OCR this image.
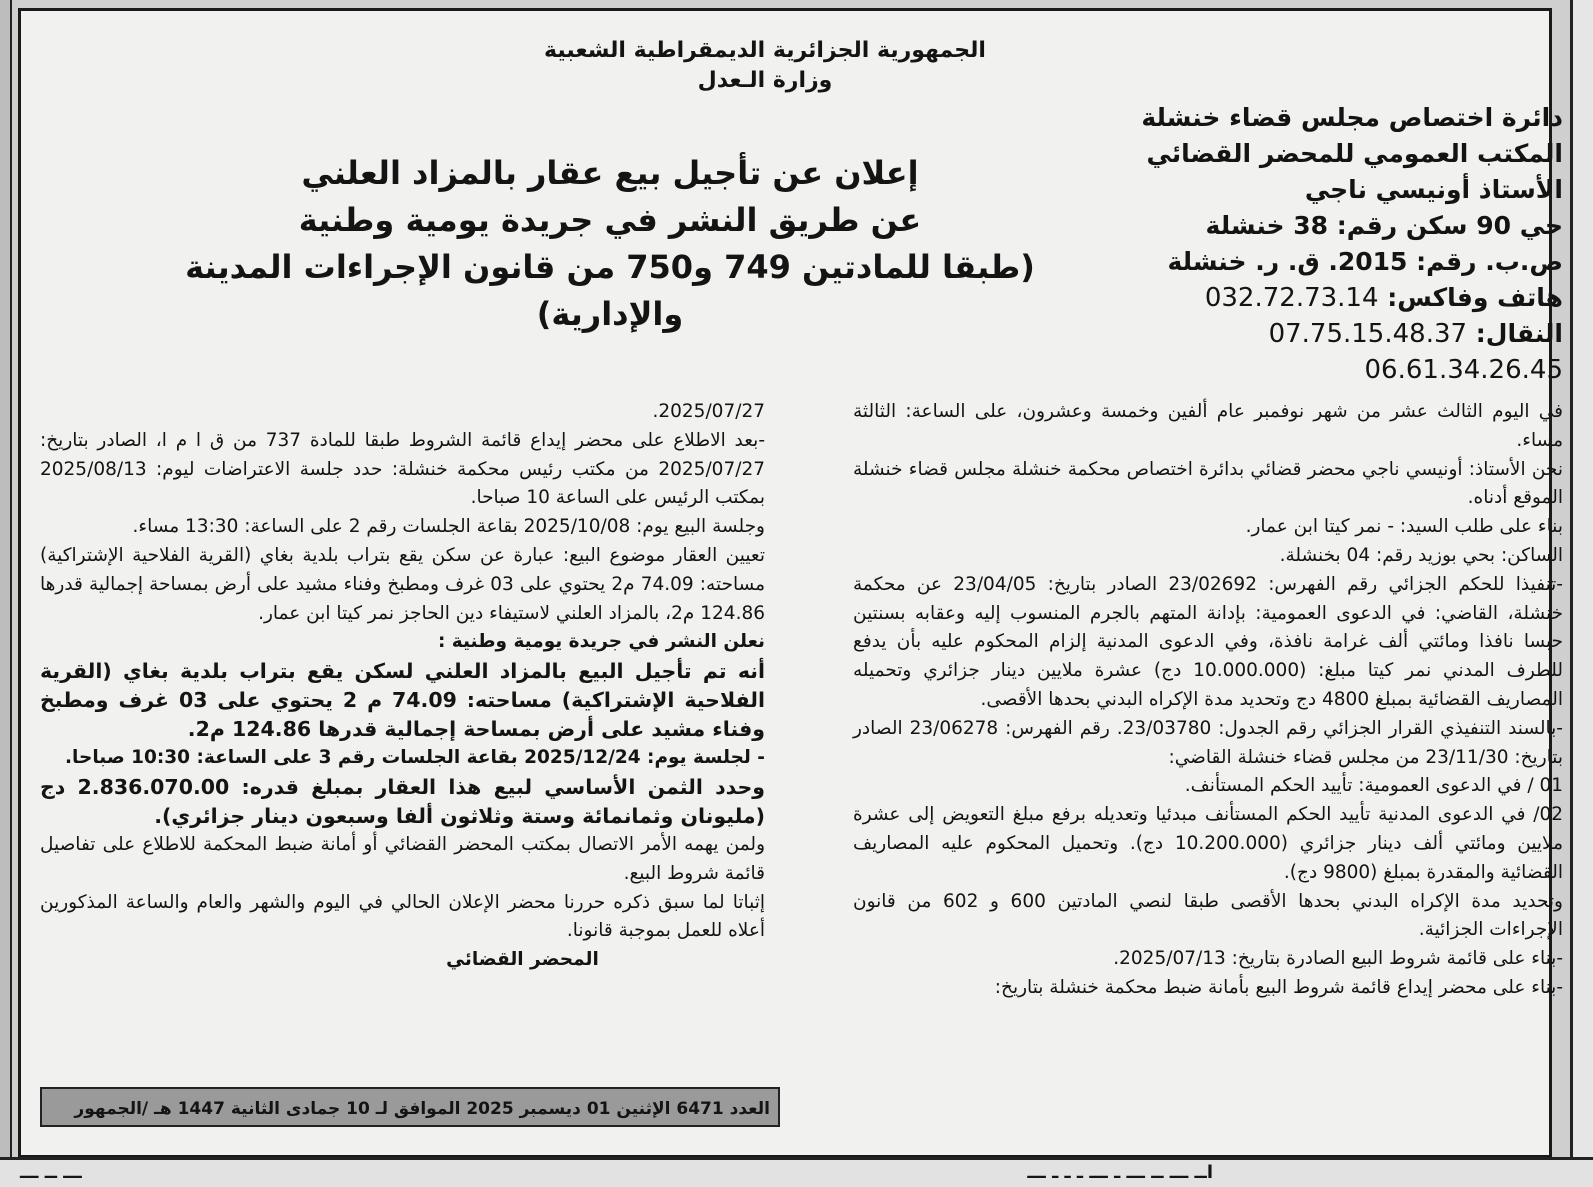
الجمهورية الجزائرية الديمقراطية الشعبية
وزارة الـعدل
دائرة اختصاص مجلس قضاء خنشلة
المكتب العمومي للمحضر القضائي
الأستاذ أونيسي ناجي
حي 90 سكن رقم: 38 خنشلة
ص.ب. رقم: 2015. ق. ر. خنشلة
هاتف وفاكس: 032.72.73.14
النقال: 07.75.15.48.37
06.61.34.26.45
إعلان عن تأجيل بيع عقار بالمزاد العلني
عن طريق النشر في جريدة يومية وطنية
(طبقا للمادتين 749 و750 من قانون الإجراءات المدينة والإدارية)

في اليوم الثالث عشر من شهر نوفمبر عام ألفين وخمسة وعشرون، على الساعة: الثالثة مساء.

نحن الأستاذ: أونيسي ناجي محضر قضائي بدائرة اختصاص محكمة خنشلة مجلس قضاء خنشلة الموقع أدناه.

بناء على طلب السيد: - نمر كيتا ابن عمار.

الساكن: بحي بوزيد رقم: 04 بخنشلة.

-تنفيذا للحكم الجزائي رقم الفهرس: 23/02692 الصادر بتاريخ: 23/04/05 عن محكمة خنشلة، القاضي: في الدعوى العمومية: بإدانة المتهم بالجرم المنسوب إليه وعقابه بسنتين حبسا نافذا ومائتي ألف غرامة نافذة، وفي الدعوى المدنية إلزام المحكوم عليه بأن يدفع للطرف المدني نمر كيتا مبلغ: (10.000.000 دج) عشرة ملايين دينار جزائري وتحميله المصاريف القضائية بمبلغ 4800 دج وتحديد مدة الإكراه البدني بحدها الأقصى.

-بالسند التنفيذي القرار الجزائي رقم الجدول: 23/03780. رقم الفهرس: 23/06278 الصادر بتاريخ: 23/11/30 من مجلس قضاء خنشلة القاضي:

01 / في الدعوى العمومية: تأييد الحكم المستأنف.

02/ في الدعوى المدنية تأييد الحكم المستأنف مبدئيا وتعديله برفع مبلغ التعويض إلى عشرة ملايين ومائتي ألف دينار جزائري (10.200.000 دج). وتحميل المحكوم عليه المصاريف القضائية والمقدرة بمبلغ (9800 دج).

وتحديد مدة الإكراه البدني بحدها الأقصى طبقا لنصي المادتين 600 و 602 من قانون الإجراءات الجزائية.

-بناء على قائمة شروط البيع الصادرة بتاريخ: 2025/07/13.

-بناء على محضر إيداع قائمة شروط البيع بأمانة ضبط محكمة خنشلة بتاريخ:

2025/07/27.

-بعد الاطلاع على محضر إيداع قائمة الشروط طبقا للمادة 737 من ق ا م ا، الصادر بتاريخ: 2025/07/27 من مكتب رئيس محكمة خنشلة: حدد جلسة الاعتراضات ليوم: 2025/08/13 بمكتب الرئيس على الساعة 10 صباحا.

وجلسة البيع يوم: 2025/10/08 بقاعة الجلسات رقم 2 على الساعة: 13:30 مساء.

تعيين العقار موضوع البيع: عبارة عن سكن يقع بتراب بلدية بغاي (القرية الفلاحية الإشتراكية) مساحته: 74.09 م2 يحتوي على 03 غرف ومطبخ وفناء مشيد على أرض بمساحة إجمالية قدرها 124.86 م2، بالمزاد العلني لاستيفاء دين الحاجز نمر كيتا ابن عمار.

نعلن النشر في جريدة يومية وطنية :

أنه تم تأجيل البيع بالمزاد العلني لسكن يقع بتراب بلدية بغاي (القرية الفلاحية الإشتراكية) مساحته: 74.09 م 2 يحتوي على 03 غرف ومطبخ وفناء مشيد على أرض بمساحة إجمالية قدرها 124.86 م2.

- لجلسة يوم: 2025/12/24 بقاعة الجلسات رقم 3 على الساعة: 10:30 صباحا.

وحدد الثمن الأساسي لبيع هذا العقار بمبلغ قدره: 2.836.070.00 دج (مليونان وثمانمائة وستة وثلاثون ألفا وسبعون دينار جزائري).

ولمن يهمه الأمر الاتصال بمكتب المحضر القضائي أو أمانة ضبط المحكمة للاطلاع على تفاصيل قائمة شروط البيع.

إثباتا لما سبق ذكره حررنا محضر الإعلان الحالي في اليوم والشهر والعام والساعة المذكورين أعلاه للعمل بموجبة قانونا.

المحضر القضائي

العدد 6471 الإثنين 01 ديسمبر 2025 الموافق لـ 10 جمادى الثانية 1447 هـ /الجمهور
اــ ـــ ــ ـــ ـ ـــ ـ ـ ـ ـــ
ـــ ــ ـــ
